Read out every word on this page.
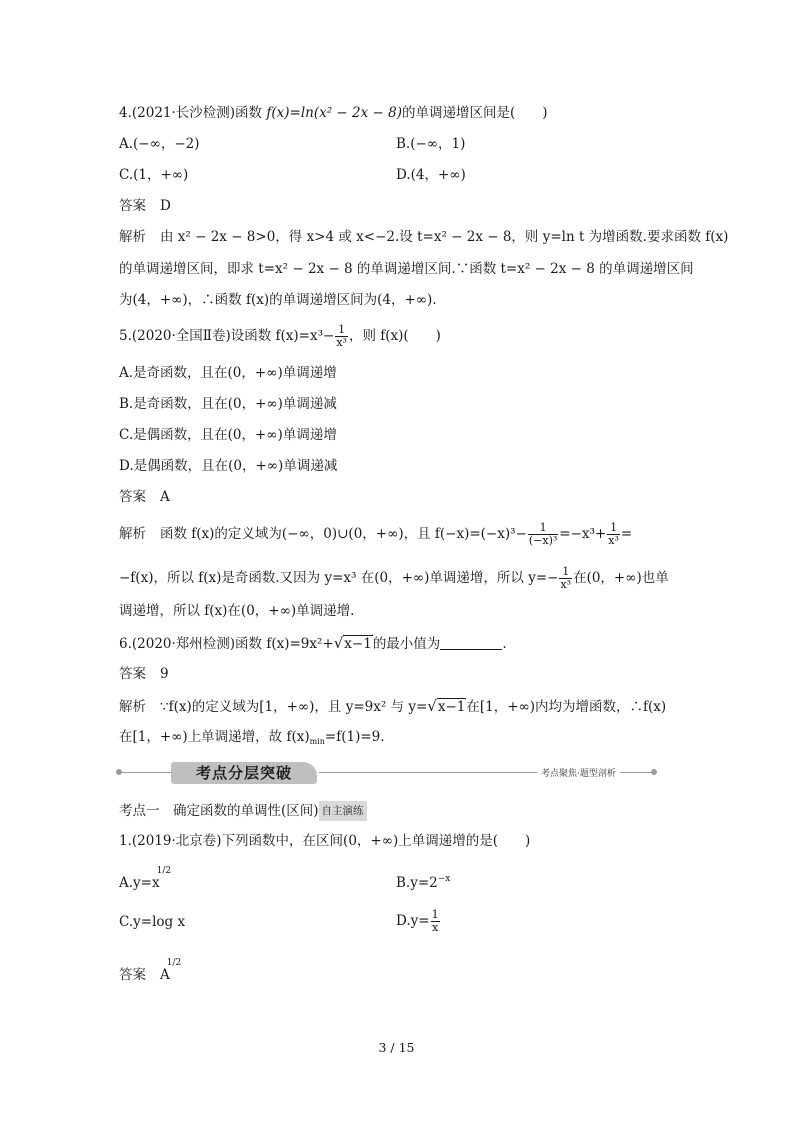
4.(2021·长沙检测)函数 f(x)=ln(x² − 2x − 8)的单调递增区间是(　　)
A.(−∞，−2)	B.(−∞，1)
C.(1，+∞)	D.(4，+∞)
答案 D
解析 由 x² − 2x − 8>0，得 x>4 或 x<−2.设 t=x² − 2x − 8，则 y=ln t 为增函数.要求函数 f(x)
的单调递增区间，即求 t=x² − 2x − 8 的单调递增区间.∵函数 t=x² − 2x − 8 的单调递增区间
为(4，+∞)，∴函数 f(x)的单调递增区间为(4，+∞).
5.(2020·全国Ⅱ卷)设函数 $f(x)=x^3- \frac{1}{\text{x³}}$ ，则 f(x)(　　)
A.是奇函数，且在(0，+∞)单调递增
B.是奇函数，且在(0，+∞)单调递减
C.是偶函数，且在(0，+∞)单调递增
D.是偶函数，且在(0，+∞)单调递减
答案 A
解析 函数 f(x)的定义域为(−∞，0)∪(0，+∞)，且 $f(-x)=(-x)^3- \frac{1}{\text{(−x)³}} =-x^3+ \frac{1}{\text{x³}}$ =
−f(x)，所以 f(x)是奇函数.又因为 y=x³ 在(0，+∞)单调递增，所以 $y=- \frac{1}{\text{x³}}$ 在(0，+∞)也单
调递增，所以 f(x)在(0，+∞)单调递增.
6.(2020·郑州检测)函数 f(x)=9x²+√x−1的最小值为	.
答案 9
解析 ∵f(x)的定义域为[1，+∞)，且 y=9x² 与 y=√x−1在[1，+∞)内均为增函数，∴f(x)
在[1，+∞)上单调递增，故 $f(x)_{min}=f(1)=9$.
考点分层突破	考点聚焦·题型剖析
考点一　确定函数的单调性(区间) 自主演练
1.(2019·北京卷)下列函数中，在区间(0，+∞)上单调递增的是(　　)
A.y=x1/2
$B.y=2^{-x}$
C.y=log x	$D.y= \frac{1}{x}$
答案 A1/2
3 / 15
